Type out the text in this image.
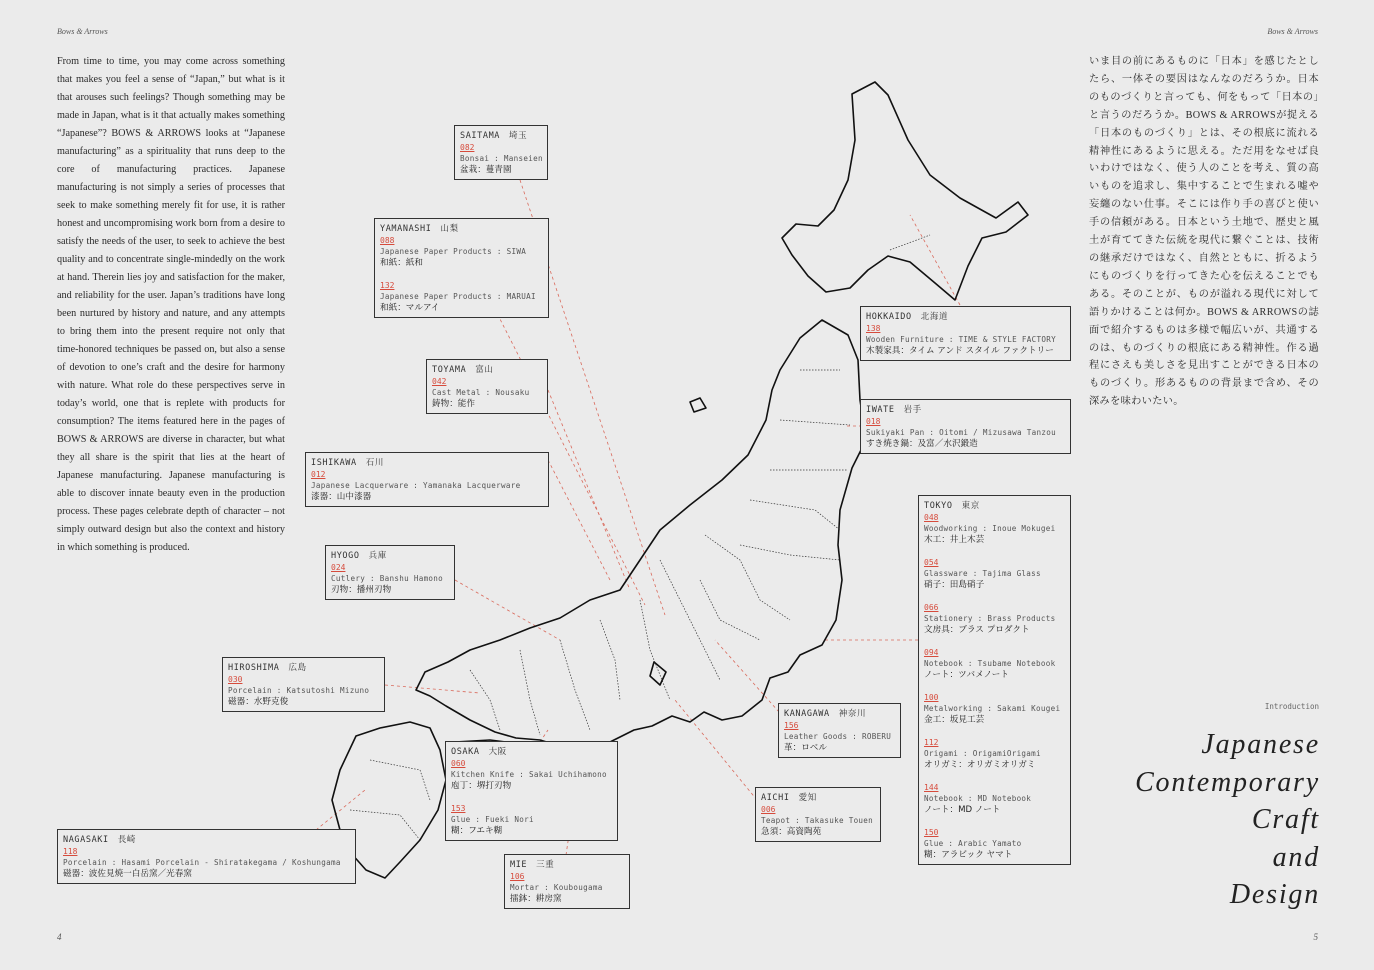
Bows & Arrows	Bows & Arrows

From time to time, you may come across something that makes you feel a sense of “Japan,” but what is it that arouses such feelings? Though something may be made in Japan, what is it that actually makes something “Japanese”? BOWS & ARROWS looks at “Japanese manufacturing” as a spirituality that runs deep to the core of manufacturing practices. Japanese manufacturing is not simply a series of processes that seek to make something merely fit for use, it is rather honest and uncompromising work born from a desire to satisfy the needs of the user, to seek to achieve the best quality and to concentrate single-mindedly on the work at hand. Therein lies joy and satisfaction for the maker, and reliability for the user. Japan’s traditions have long been nurtured by history and nature, and any attempts to bring them into the present require not only that time-honored techniques be passed on, but also a sense of devotion to one’s craft and the desire for harmony with nature. What role do these perspectives serve in today’s world, one that is replete with products for consumption? The items featured here in the pages of BOWS & ARROWS are diverse in character, but what they all share is the spirit that lies at the heart of Japanese manufacturing. Japanese manufacturing is able to discover innate beauty even in the production process. These pages celebrate depth of character – not simply outward design but also the context and history in which something is produced.

いま目の前にあるものに「日本」を感じたとしたら、一体その要因はなんなのだろうか。日本のものづくりと言っても、何をもって「日本の」と言うのだろうか。BOWS & ARROWSが捉える「日本のものづくり」とは、その根底に流れる精神性にあるように思える。ただ用をなせば良いわけではなく、使う人のことを考え、質の高いものを追求し、集中することで生まれる嘘や妄纏のない仕事。そこには作り手の喜びと使い手の信頼がある。日本という土地で、歴史と風土が育ててきた伝統を現代に繋ぐことは、技術の継承だけではなく、自然とともに、折るようにものづくりを行ってきた心を伝えることでもある。そのことが、ものが溢れる現代に対して語りかけることは何か。BOWS & ARROWSの誌面で紹介するものは多様で幅広いが、共通するのは、ものづくりの根底にある精神性。作る過程にさえも美しさを見出すことができる日本のものづくり。形あるものの背景まで含め、その深みを味わいたい。

Introduction
Japanese
Contemporary
Craft
and
Design
4	5
SAITAMA 埼玉
082
Bonsai : Manseien
盆栽：蔓青園
YAMANASHI 山梨
088
Japanese Paper Products : SIWA
和紙：紙和
132
Japanese Paper Products : MARUAI
和紙：マルアイ
TOYAMA 富山
042
Cast Metal : Nousaku
鋳物：能作
ISHIKAWA 石川
012
Japanese Lacquerware : Yamanaka Lacquerware
漆器：山中漆器
HYOGO 兵庫
024
Cutlery : Banshu Hamono
刃物：播州刃物
HIROSHIMA 広島
030
Porcelain : Katsutoshi Mizuno
磁器：水野克俊
NAGASAKI 長崎
118
Porcelain : Hasami Porcelain - Shiratakegama / Koshungama
磁器：波佐見焼一白岳窯／光春窯
OSAKA 大阪
060
Kitchen Knife : Sakai Uchihamono
庖丁：堺打刃物
153
Glue : Fueki Nori
糊：フエキ糊
MIE 三重
106
Mortar : Koubougama
擂鉢：耕房窯
AICHI 愛知
006
Teapot : Takasuke Touen
急須：高資陶苑
KANAGAWA 神奈川
156
Leather Goods : ROBERU
革：ロベル
HOKKAIDO 北海道
138
Wooden Furniture : TIME & STYLE FACTORY
木製家具：タイム アンド スタイル ファクトリー
IWATE 岩手
018
Sukiyaki Pan : Oitomi / Mizusawa Tanzou
すき焼き鍋：及富／水沢鍛造
TOKYO 東京
048
Woodworking : Inoue Mokugei
木工：井上木芸
054
Glassware : Tajima Glass
硝子：田島硝子
066
Stationery : Brass Products
文房具：ブラス プロダクト
094
Notebook : Tsubame Notebook
ノート：ツバメノート
100
Metalworking : Sakami Kougei
金工：坂見工芸
112
Origami : OrigamiOrigami
オリガミ：オリガミオリガミ
144
Notebook : MD Notebook
ノート：MD ノート
150
Glue : Arabic Yamato
糊：アラビック ヤマト
